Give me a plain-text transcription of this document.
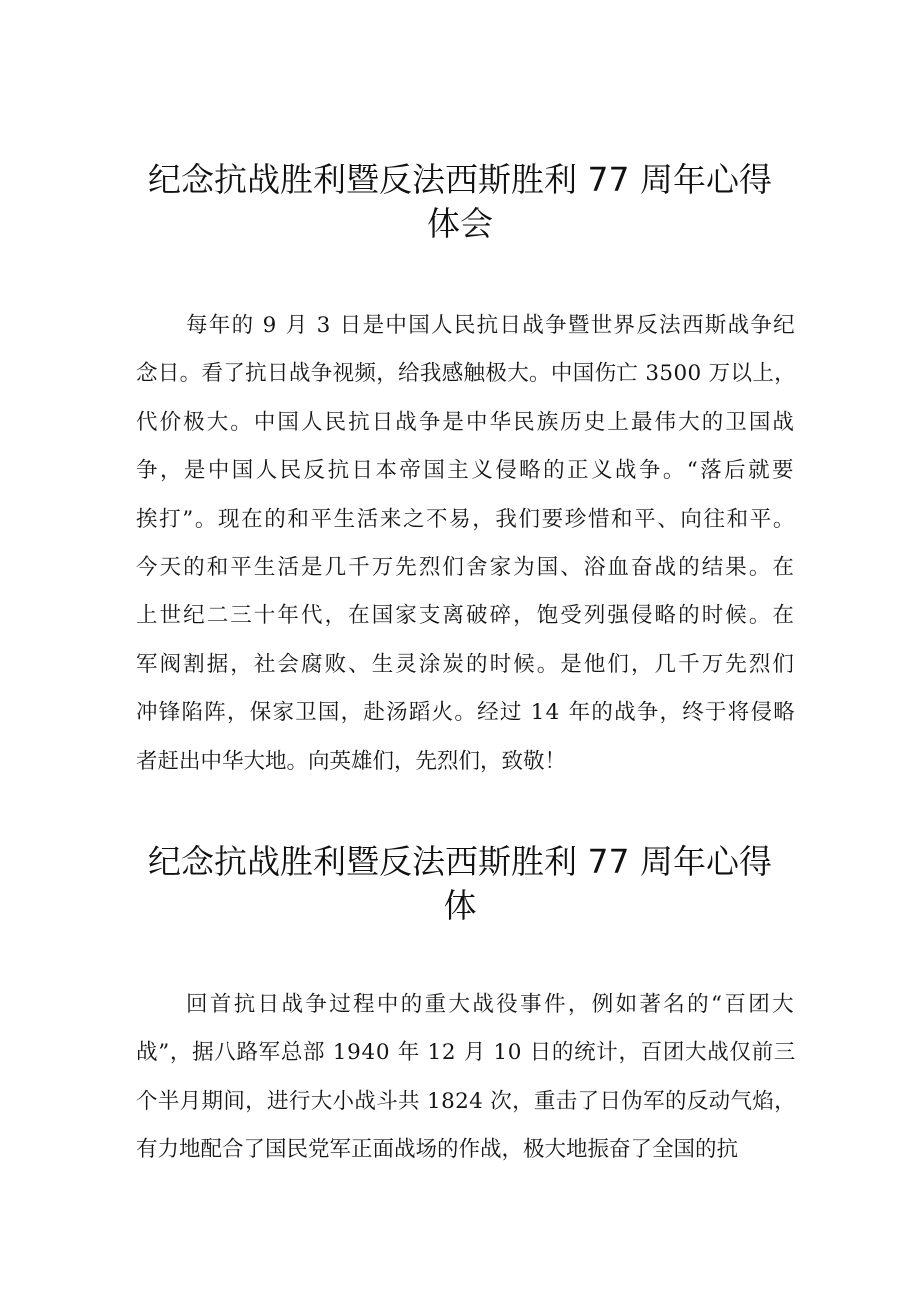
纪念抗战胜利暨反法西斯胜利 77 周年心得
体会
每年的 9 月 3 日是中国人民抗日战争暨世界反法西斯战争纪
念日。看了抗日战争视频，给我感触极大。中国伤亡 3500 万以上，
代价极大。中国人民抗日战争是中华民族历史上最伟大的卫国战
争，是中国人民反抗日本帝国主义侵略的正义战争。“落后就要
挨打”。现在的和平生活来之不易，我们要珍惜和平、向往和平。
今天的和平生活是几千万先烈们舍家为国、浴血奋战的结果。在
上世纪二三十年代，在国家支离破碎，饱受列强侵略的时候。在
军阀割据，社会腐败、生灵涂炭的时候。是他们，几千万先烈们
冲锋陷阵，保家卫国，赴汤蹈火。经过 14 年的战争，终于将侵略
者赶出中华大地。向英雄们，先烈们，致敬！
纪念抗战胜利暨反法西斯胜利 77 周年心得
体
回首抗日战争过程中的重大战役事件，例如著名的“百团大
战”，据八路军总部 1940 年 12 月 10 日的统计，百团大战仅前三
个半月期间，进行大小战斗共 1824 次，重击了日伪军的反动气焰，
有力地配合了国民党军正面战场的作战，极大地振奋了全国的抗
